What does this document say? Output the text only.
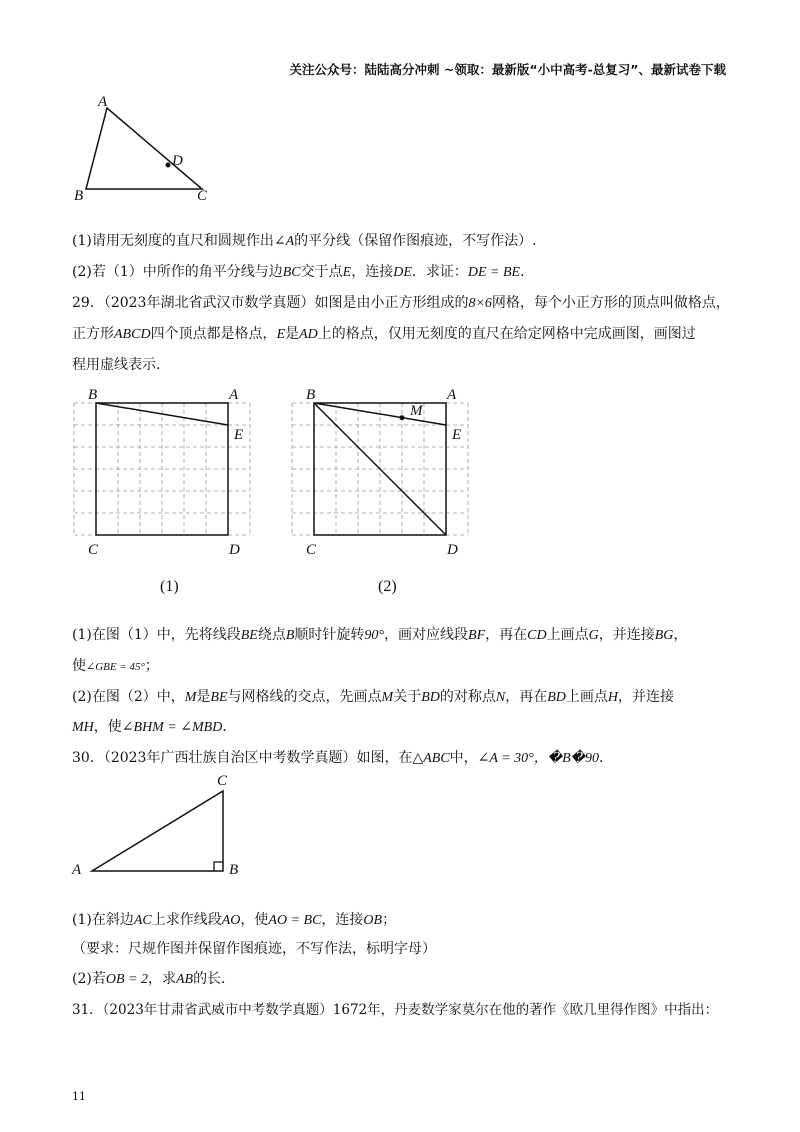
关注公众号：陆陆高分冲刺 ~领取：最新版“小中高考-总复习”、最新试卷下载
A
B	C
D
(1)请用无刻度的直尺和圆规作出∠A的平分线（保留作图痕迹，不写作法）.
(2)若（1）中所作的角平分线与边BC交于点E，连接DE．求证：DE = BE．
29．（2023年湖北省武汉市数学真题）如图是由小正方形组成的8×6网格，每个小正方形的顶点叫做格点，
正方形ABCD四个顶点都是格点，E是AD上的格点，仅用无刻度的直尺在给定网格中完成画图，画图过
程用虚线表示．
B	A
E
C	D
(1)
B	A
M
E
C	D
(2)
(1)在图（1）中，先将线段BE绕点B顺时针旋转90°，画对应线段BF，再在CD上画点G，并连接BG，
使∠GBE = 45°；
(2)在图（2）中，M是BE与网格线的交点，先画点M关于BD的对称点N，再在BD上画点H，并连接
MH，使∠BHM = ∠MBD．
30．（2023年广西壮族自治区中考数学真题）如图，在△ABC中，∠A = 30°，�B�90．
A	B
C
(1)在斜边AC上求作线段AO，使AO = BC，连接OB；
（要求：尺规作图并保留作图痕迹，不写作法，标明字母）
(2)若OB = 2，求AB的长．
31．（2023年甘肃省武威市中考数学真题）1672年，丹麦数学家莫尔在他的著作《欧几里得作图》中指出：
11
